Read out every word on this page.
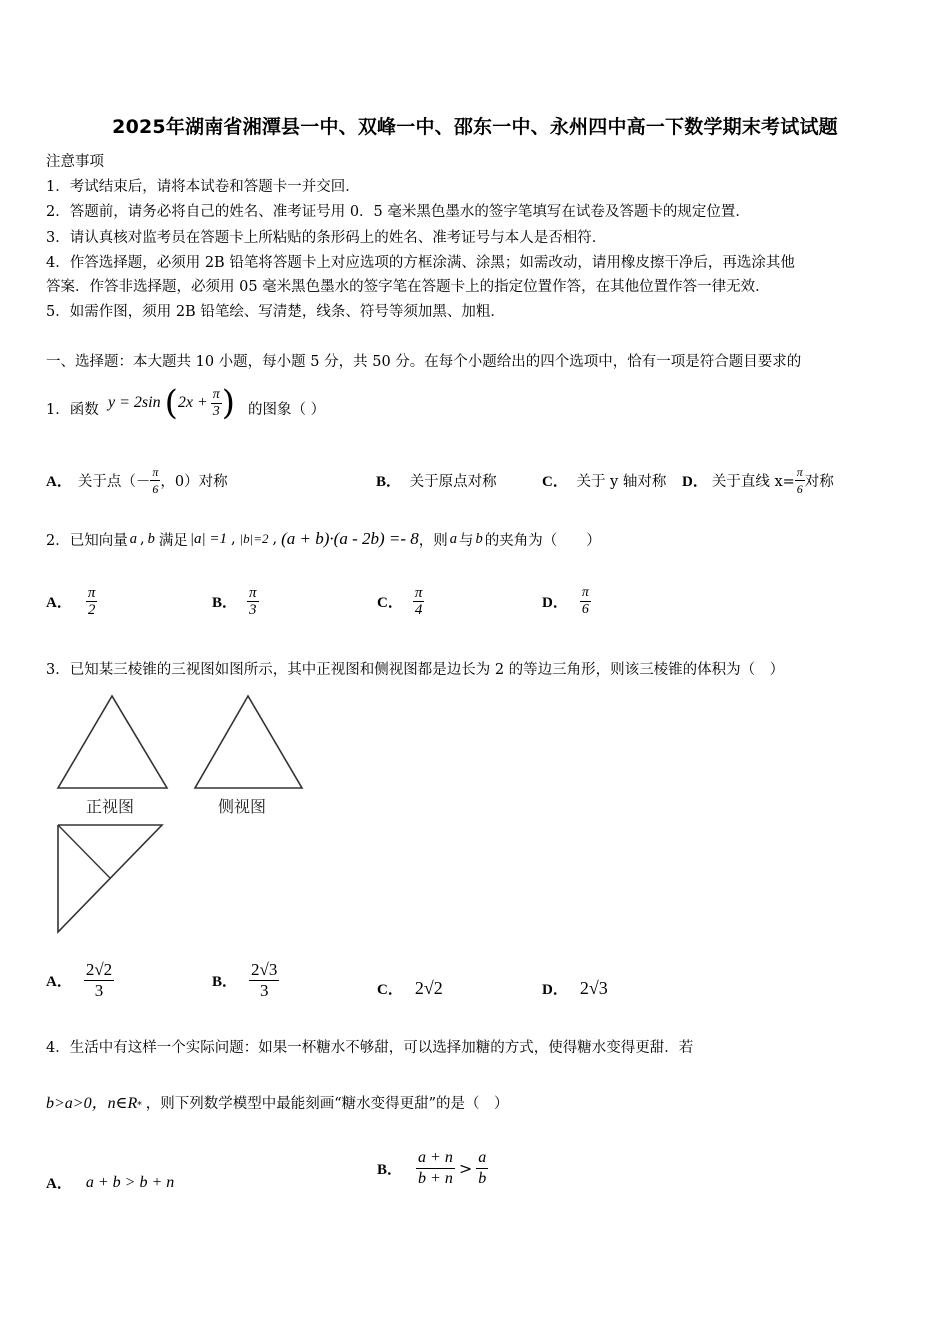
2025年湖南省湘潭县一中、双峰一中、邵东一中、永州四中高一下数学期末考试试题
注意事项
1．考试结束后，请将本试卷和答题卡一并交回．
2．答题前，请务必将自己的姓名、准考证号用 0．5 毫米黑色墨水的签字笔填写在试卷及答题卡的规定位置．
3．请认真核对监考员在答题卡上所粘贴的条形码上的姓名、准考证号与本人是否相符．
4．作答选择题，必须用 2B 铅笔将答题卡上对应选项的方框涂满、涂黑；如需改动，请用橡皮擦干净后，再选涂其他
答案．作答非选择题，必须用 05 毫米黑色墨水的签字笔在答题卡上的指定位置作答，在其他位置作答一律无效．
5．如需作图，须用 2B 铅笔绘、写清楚，线条、符号等须加黑、加粗．
一、选择题：本大题共 10 小题，每小题 5 分，共 50 分。在每个小题给出的四个选项中，恰有一项是符合题目要求的
1．函数 y = 2sin ( $2x + \frac{\pi}{3}$ ) 的图象（ ）
A． 关于点（－ $\frac{\pi}{6}$ ，0）对称	B． 关于原点对称	C． 关于 y 轴对称 D． 关于直线 $x= \frac{\pi}{6}$ 对称
2．已知向量 a , b 满足 |a| =1 , |b|=2 , (a + b)·(a - 2b) =- 8 ，则 a 与 b 的夹角为（　　）
A． $\frac{\pi}{2}$	B． $\frac{\pi}{3}$	C． $\frac{\pi}{4}$	D． $\frac{\pi}{6}$
3．已知某三棱锥的三视图如图所示，其中正视图和侧视图都是边长为 2 的等边三角形，则该三棱锥的体积为（　）
正视图	侧视图
A． $\frac{2√2}{3}$	B． $\frac{2√3}{3}$	C． 2√2	D． 2√3
4．生活中有这样一个实际问题：如果一杯糖水不够甜，可以选择加糖的方式，使得糖水变得更甜．若
b>a>0，$n\in R_*$ ，则下列数学模型中最能刻画“糖水变得更甜”的是（　）
A． a + b > b + n
B． $\frac{a + n}{b + n} > \frac{a}{b}$
